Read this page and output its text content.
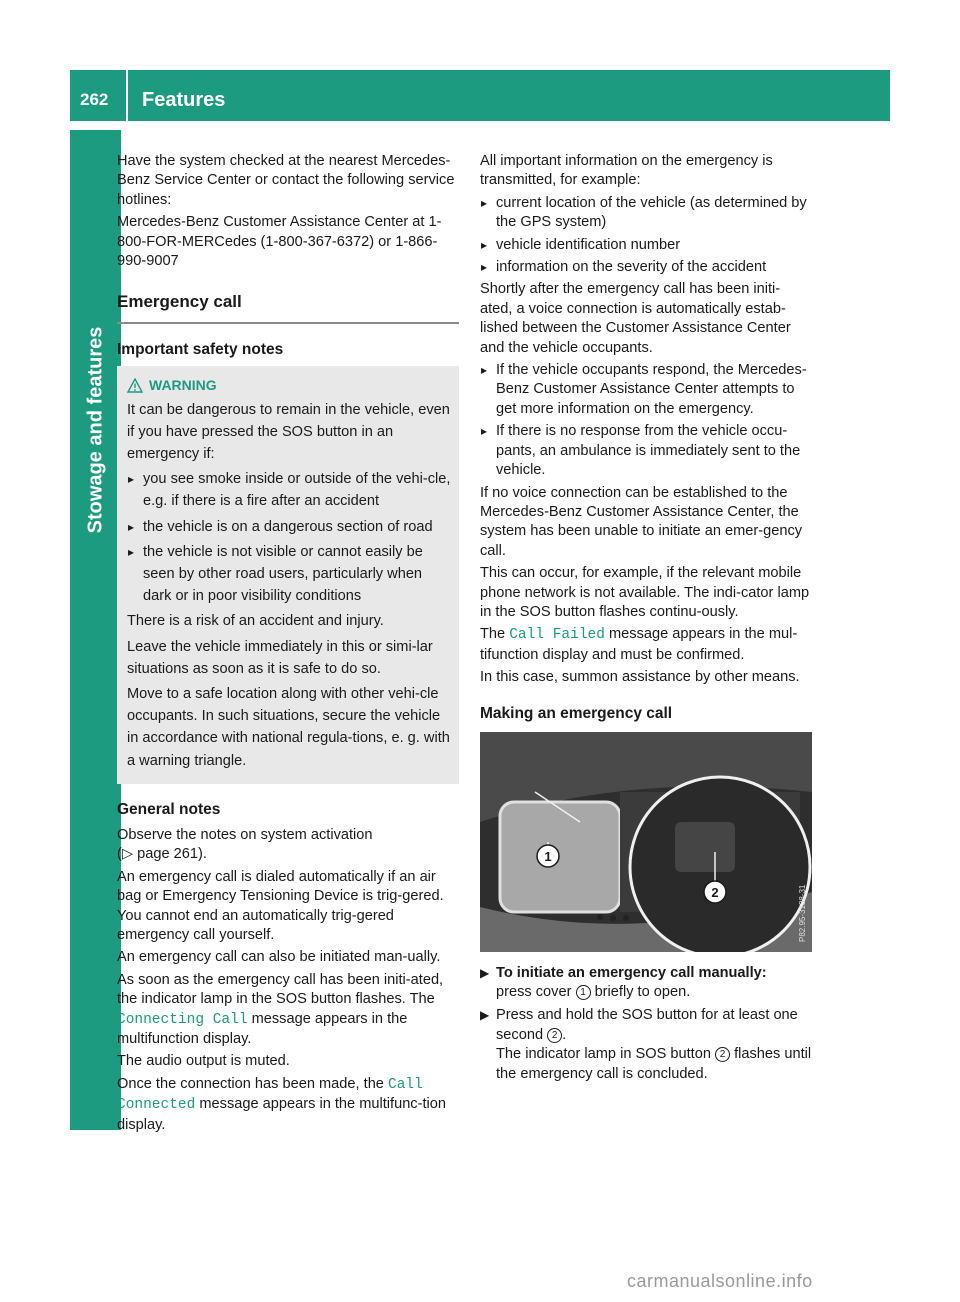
262 Features
Stowage and features

Have the system checked at the nearest Mercedes-Benz Service Center or contact the following service hotlines:

Mercedes-Benz Customer Assistance Center at 1-800-FOR-MERCedes (1-800-367-6372) or 1-866-990-9007

Emergency call
Important safety notes
WARNING

It can be dangerous to remain in the vehicle, even if you have pressed the SOS button in an emergency if:

▸ you see smoke inside or outside of the vehi-cle, e.g. if there is a fire after an accident
▸ the vehicle is on a dangerous section of road
▸ the vehicle is not visible or cannot easily be seen by other road users, particularly when dark or in poor visibility conditions

There is a risk of an accident and injury.

Leave the vehicle immediately in this or simi-lar situations as soon as it is safe to do so.

Move to a safe location along with other vehi-cle occupants. In such situations, secure the vehicle in accordance with national regula-tions, e. g. with a warning triangle.

General notes

Observe the notes on system activation
(▷ page 261).

An emergency call is dialed automatically if an air bag or Emergency Tensioning Device is trig-gered. You cannot end an automatically trig-gered emergency call yourself.

An emergency call can also be initiated man-ually.

As soon as the emergency call has been initi-ated, the indicator lamp in the SOS button flashes. The Connecting Call message appears in the multifunction display.

The audio output is muted.

Once the connection has been made, the Call Connected message appears in the multifunc-tion display.

All important information on the emergency is transmitted, for example:

▸ current location of the vehicle (as determined by the GPS system)
▸ vehicle identification number
▸ information on the severity of the accident

Shortly after the emergency call has been initi-ated, a voice connection is automatically estab-lished between the Customer Assistance Center and the vehicle occupants.

▸ If the vehicle occupants respond, the Mercedes-Benz Customer Assistance Center attempts to get more information on the emergency.
▸ If there is no response from the vehicle occu-pants, an ambulance is immediately sent to the vehicle.

If no voice connection can be established to the Mercedes-Benz Customer Assistance Center, the system has been unable to initiate an emer-gency call.

This can occur, for example, if the relevant mobile phone network is not available. The indi-cator lamp in the SOS button flashes continu-ously.

The Call Failed message appears in the mul-tifunction display and must be confirmed.

In this case, summon assistance by other means.

Making an emergency call
1
2	P82.95-3138-31
▶ To initiate an emergency call manually:
press cover 1 briefly to open.
▶ Press and hold the SOS button for at least one second 2 .
The indicator lamp in SOS button 2 flashes until the emergency call is concluded.
carmanualsonline.info
